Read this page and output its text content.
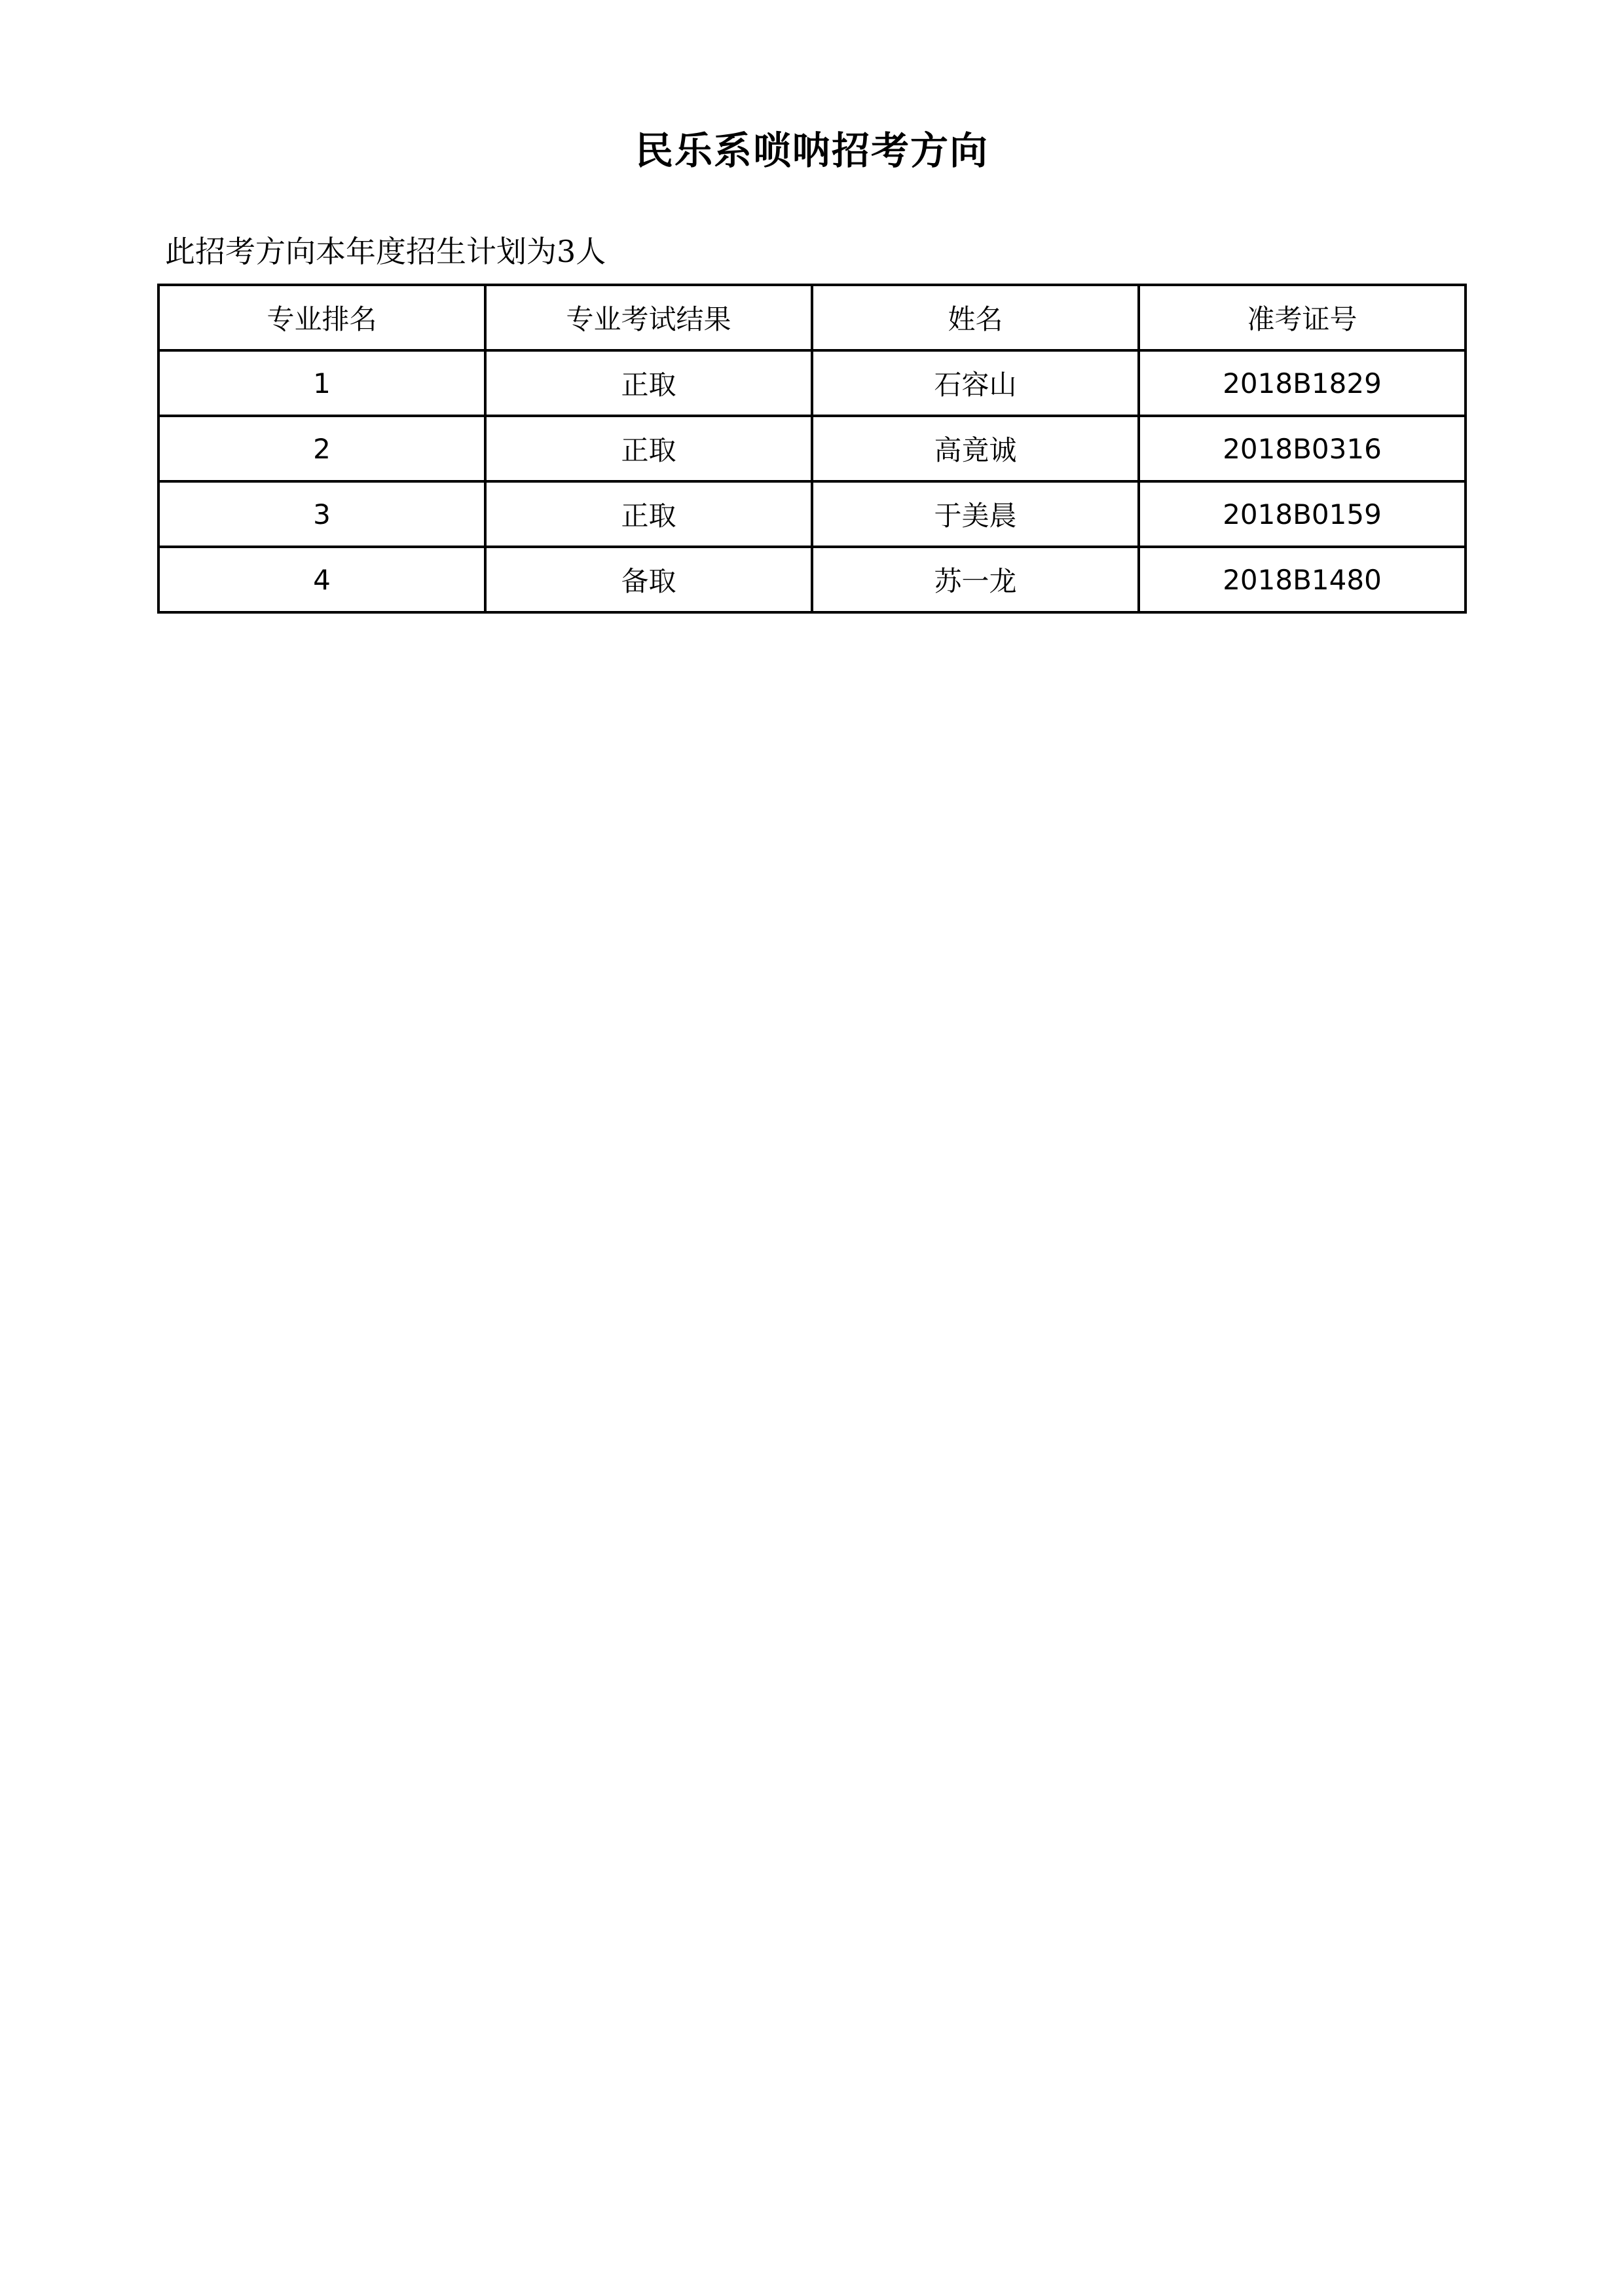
民乐系唢呐招考方向
此招考方向本年度招生计划为3人
专业排名	专业考试结果	姓名	准考证号
1	正取	石容山	2018B1829
2	正取	高竟诚	2018B0316
3	正取	于美晨	2018B0159
4	备取	苏一龙	2018B1480
